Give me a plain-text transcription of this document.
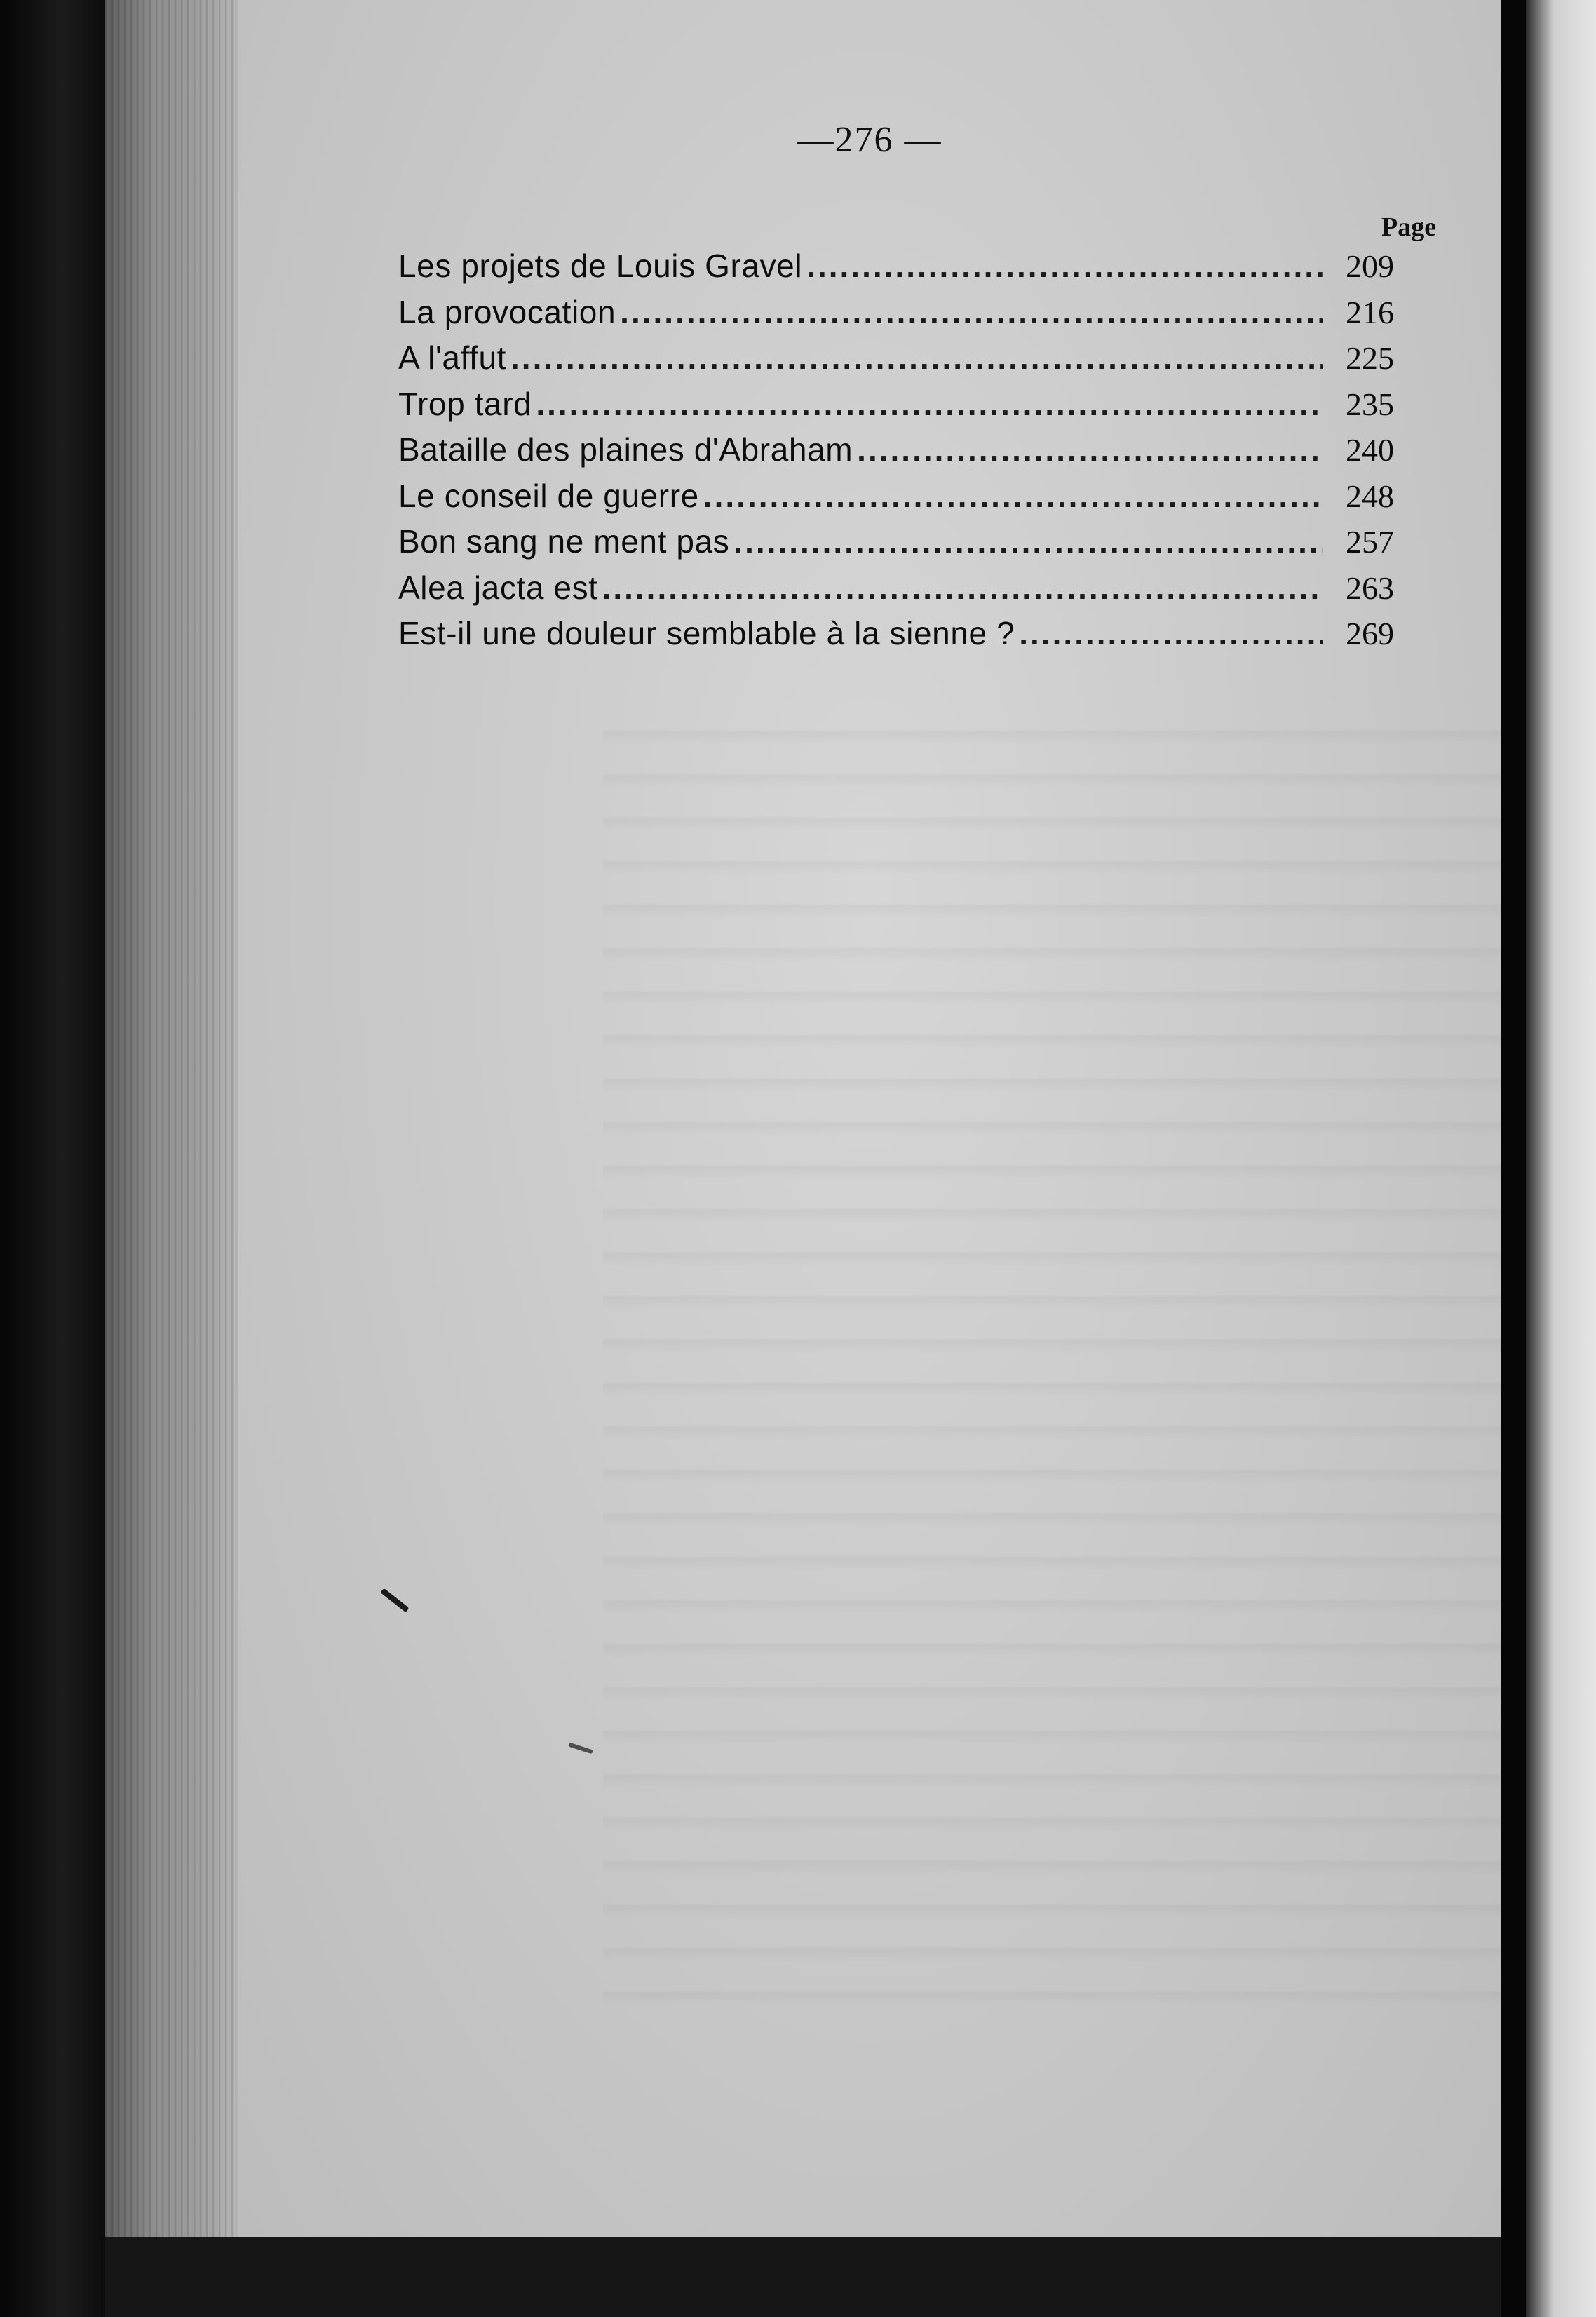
—276 —
Page
Les projets de Louis Gravel .....	209
La provocation .....	216
A l'affut .....	225
Trop tard .....	235
Bataille des plaines d'Abraham .....	240
Le conseil de guerre .....	248
Bon sang ne ment pas .....	257
Alea jacta est .....	263
Est-il une douleur semblable à la sienne ? .....	269
